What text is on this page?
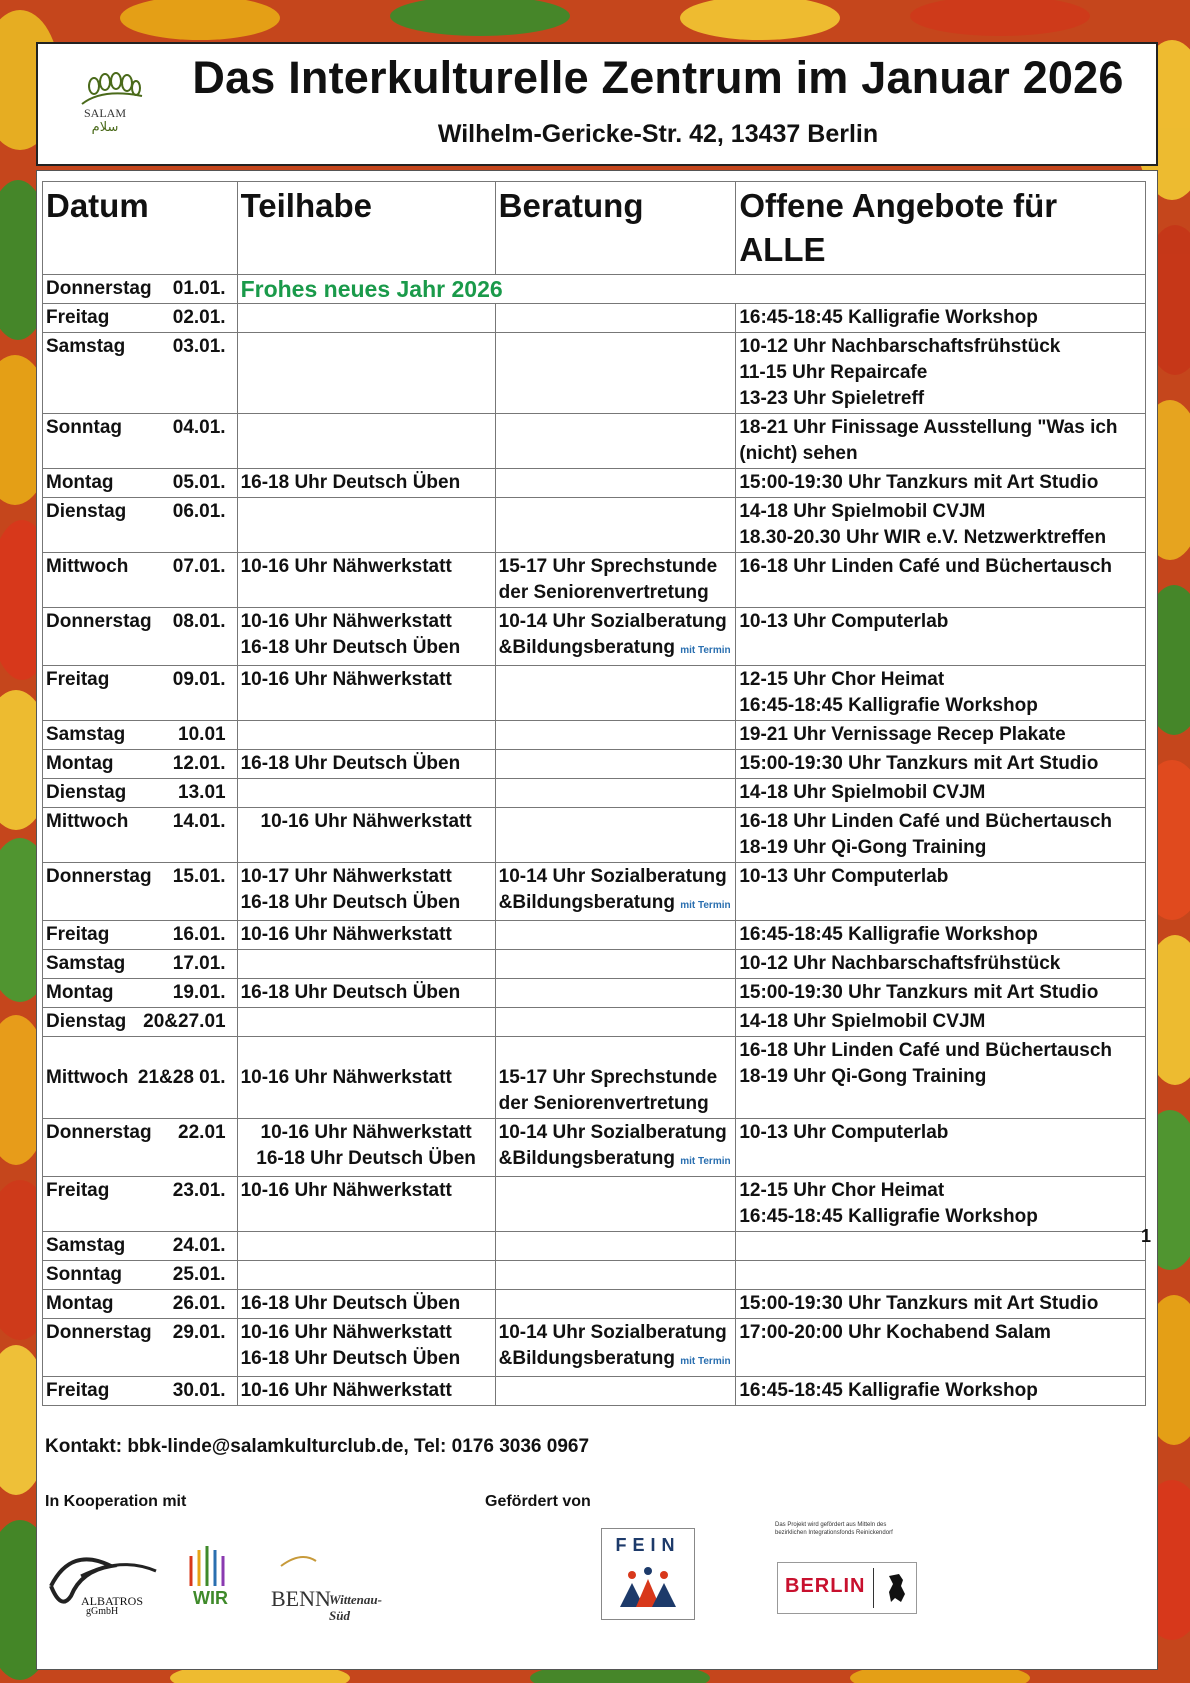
SALAM
سلام
Das Interkulturelle Zentrum im Januar 2026
Wilhelm-Gericke-Str. 42, 13437 Berlin
Datum	Teilhabe	Beratung	Offene Angebote für ALLE

Donnerstag 01.01.	Frohes neues Jahr 2026		

Freitag 02.01.			16:45-18:45 Kalligrafie Workshop

Samstag 03.01.			10-12 Uhr Nachbarschaftsfrühstück
11-15 Uhr Repaircafe
13-23 Uhr Spieletreff

Sonntag 04.01.			18-21 Uhr Finissage Ausstellung "Was ich
(nicht) sehen

Montag 05.01.	16-18 Uhr Deutsch Üben		15:00-19:30 Uhr Tanzkurs mit Art Studio

Dienstag 06.01.			14-18 Uhr Spielmobil CVJM
18.30-20.30 Uhr WIR e.V. Netzwerktreffen

Mittwoch 07.01.	10-16 Uhr Nähwerkstatt	15-17 Uhr Sprechstunde
der Seniorenvertretung	16-18 Uhr Linden Café und Büchertausch

Donnerstag 08.01.	10-16 Uhr Nähwerkstatt
16-18 Uhr Deutsch Üben	10-14 Uhr Sozialberatung
&Bildungsberatung mit Termin	10-13 Uhr Computerlab

Freitag 09.01.	10-16 Uhr Nähwerkstatt		12-15 Uhr Chor Heimat
16:45-18:45 Kalligrafie Workshop

Samstag 10.01			19-21 Uhr Vernissage Recep Plakate

Montag 12.01.	16-18 Uhr Deutsch Üben		15:00-19:30 Uhr Tanzkurs mit Art Studio

Dienstag 13.01			14-18 Uhr Spielmobil CVJM

Mittwoch 14.01.	10-16 Uhr Nähwerkstatt		16-18 Uhr Linden Café und Büchertausch
18-19 Uhr Qi-Gong Training

Donnerstag 15.01.	10-17 Uhr Nähwerkstatt
16-18 Uhr Deutsch Üben	10-14 Uhr Sozialberatung
&Bildungsberatung mit Termin	10-13 Uhr Computerlab

Freitag 16.01.	10-16 Uhr Nähwerkstatt		16:45-18:45 Kalligrafie Workshop

Samstag 17.01.			10-12 Uhr Nachbarschaftsfrühstück

Montag 19.01.	16-18 Uhr Deutsch Üben		15:00-19:30 Uhr Tanzkurs mit Art Studio

Dienstag 20&27.01			14-18 Uhr Spielmobil CVJM

Mittwoch 21&28 01.	10-16 Uhr Nähwerkstatt	15-17 Uhr Sprechstunde
der Seniorenvertretung	16-18 Uhr Linden Café und Büchertausch
18-19 Uhr Qi-Gong Training

Donnerstag 22.01	10-16 Uhr Nähwerkstatt
16-18 Uhr Deutsch Üben	10-14 Uhr Sozialberatung
&Bildungsberatung mit Termin	10-13 Uhr Computerlab

Freitag 23.01.	10-16 Uhr Nähwerkstatt		12-15 Uhr Chor Heimat
16:45-18:45 Kalligrafie Workshop

Samstag 24.01.			

Sonntag 25.01.			

Montag 26.01.	16-18 Uhr Deutsch Üben		15:00-19:30 Uhr Tanzkurs mit Art Studio

Donnerstag 29.01.	10-16 Uhr Nähwerkstatt
16-18 Uhr Deutsch Üben	10-14 Uhr Sozialberatung
&Bildungsberatung mit Termin	17:00-20:00 Uhr Kochabend Salam

Freitag 30.01.	10-16 Uhr Nähwerkstatt		16:45-18:45 Kalligrafie Workshop
1
Kontakt: bbk-linde@salamkulturclub.de, Tel: 0176 3036 0967
In Kooperation mit	Gefördert von
ALBATROS
gGmbH
WIR BENN
Wittenau-Süd
FEIN
Das Projekt wird gefördert aus Mitteln des bezirklichen Integrationsfonds Reinickendorf
BERLIN
